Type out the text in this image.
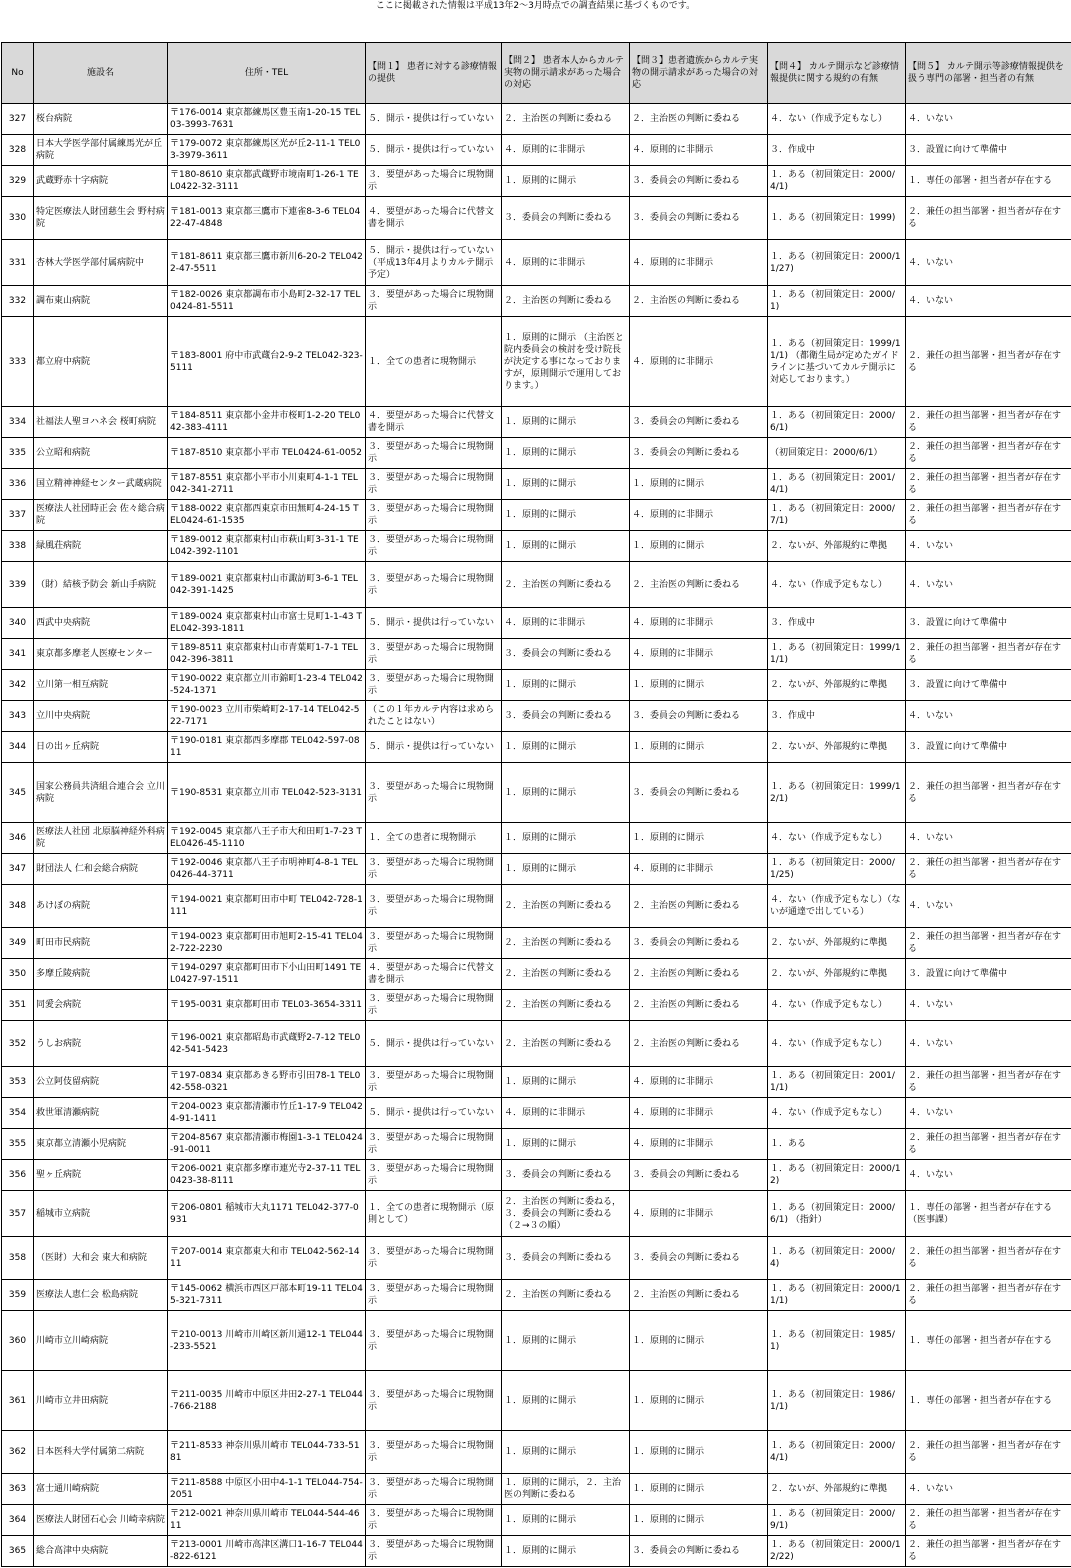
ここに掲載された情報は平成13年2～3月時点での調査結果に基づくものです。
No	施設名	住所・TEL	【問１】 患者に対する診療情報の提供	【問２】 患者本人からカルテ実物の開示請求があった場合の対応	【問３】患者遺族からカルテ実物の開示請求があった場合の対応	【問４】 カルテ開示など診療情報提供に関する規約の有無	【問５】 カルテ開示等診療情報提供を扱う専門の部署・担当者の有無
327	桜台病院	〒176-0014 東京都練馬区豊玉南1-20-15 TEL03-3993-7631	５．開示・提供は行っていない	２．主治医の判断に委ねる	２．主治医の判断に委ねる	４．ない（作成予定もなし）	４．いない
328	日本大学医学部付属練馬光が丘病院	〒179-0072 東京都練馬区光が丘2-11-1 TEL03-3979-3611	５．開示・提供は行っていない	４．原則的に非開示	４．原則的に非開示	３．作成中	３．設置に向けて準備中
329	武蔵野赤十字病院	〒180-8610 東京都武蔵野市境南町1-26-1 TEL0422-32-3111	３．要望があった場合に現物開示	１．原則的に開示	３．委員会の判断に委ねる	１．ある（初回策定日：2000/4/1)	１．専任の部署・担当者が存在する
330	特定医療法人財団慈生会 野村病院	〒181-0013 東京都三鷹市下連雀8-3-6 TEL0422-47-4848	４．要望があった場合に代替文書を開示	３．委員会の判断に委ねる	３．委員会の判断に委ねる	１．ある（初回策定日：1999)	２．兼任の担当部署・担当者が存在する
331	杏林大学医学部付属病院中	〒181-8611 東京都三鷹市新川6-20-2 TEL0422-47-5511	５．開示・提供は行っていない（平成13年4月よりカルテ開示予定）	４．原則的に非開示	４．原則的に非開示	１．ある（初回策定日：2000/11/27)	４．いない
332	調布東山病院	〒182-0026 東京都調布市小島町2-32-17 TEL0424-81-5511	３．要望があった場合に現物開示	２．主治医の判断に委ねる	２．主治医の判断に委ねる	１．ある（初回策定日：2000/1)	４．いない
333	都立府中病院	〒183-8001 府中市武蔵台2-9-2 TEL042-323-5111	１．全ての患者に現物開示	１．原則的に開示 （主治医と院内委員会の検討を受け院長が決定する事になっておりますが，原則開示で運用しております。）	４．原則的に非開示	１．ある（初回策定日：1999/11/1) （都衛生局が定めたガイドラインに基づいてカルテ開示に対応しております。）	２．兼任の担当部署・担当者が存在する
334	社福法人聖ヨハネ会 桜町病院	〒184-8511 東京都小金井市桜町1-2-20 TEL042-383-4111	４．要望があった場合に代替文書を開示	１．原則的に開示	３．委員会の判断に委ねる	１．ある（初回策定日：2000/6/1)	２．兼任の担当部署・担当者が存在する
335	公立昭和病院	〒187-8510 東京都小平市 TEL0424-61-0052	３．要望があった場合に現物開示	１．原則的に開示	３．委員会の判断に委ねる	（初回策定日：2000/6/1）	２．兼任の担当部署・担当者が存在する
336	国立精神神経センター武蔵病院	〒187-8551 東京都小平市小川東町4-1-1 TEL042-341-2711	３．要望があった場合に現物開示	１．原則的に開示	１．原則的に開示	１．ある（初回策定日：2001/4/1)	２．兼任の担当部署・担当者が存在する
337	医療法人社団時正会 佐々総合病院	〒188-0022 東京都西東京市田無町4-24-15 TEL0424-61-1535	３．要望があった場合に現物開示	１．原則的に開示	４．原則的に非開示	１．ある（初回策定日：2000/7/1)	２．兼任の担当部署・担当者が存在する
338	緑風荘病院	〒189-0012 東京都東村山市萩山町3-31-1 TEL042-392-1101	３．要望があった場合に現物開示	１．原則的に開示	１．原則的に開示	２．ないが、外部規約に準拠	４．いない
339	（財）結核予防会 新山手病院	〒189-0021 東京都東村山市諏訪町3-6-1 TEL042-391-1425	３．要望があった場合に現物開示	２．主治医の判断に委ねる	２．主治医の判断に委ねる	４．ない（作成予定もなし）	４．いない
340	西武中央病院	〒189-0024 東京都東村山市富士見町1-1-43 TEL042-393-1811	５．開示・提供は行っていない	４．原則的に非開示	４．原則的に非開示	３．作成中	３．設置に向けて準備中
341	東京都多摩老人医療センター	〒189-8511 東京都東村山市青葉町1-7-1 TEL042-396-3811	３．要望があった場合に現物開示	３．委員会の判断に委ねる	４．原則的に非開示	１．ある（初回策定日：1999/11/1)	２．兼任の担当部署・担当者が存在する
342	立川第一相互病院	〒190-0022 東京都立川市錦町1-23-4 TEL042-524-1371	３．要望があった場合に現物開示	１．原則的に開示	１．原則的に開示	２．ないが、外部規約に準拠	３．設置に向けて準備中
343	立川中央病院	〒190-0023 立川市柴崎町2-17-14 TEL042-522-7171	（この１年カルテ内容は求められたことはない）	３．委員会の判断に委ねる	３．委員会の判断に委ねる	３．作成中	４．いない
344	日の出ヶ丘病院	〒190-0181 東京都西多摩郡 TEL042-597-0811	５．開示・提供は行っていない	１．原則的に開示	１．原則的に開示	２．ないが、外部規約に準拠	３．設置に向けて準備中
345	国家公務員共済組合連合会 立川病院	〒190-8531 東京都立川市 TEL042-523-3131	３．要望があった場合に現物開示	１．原則的に開示	３．委員会の判断に委ねる	１．ある（初回策定日：1999/12/1)	２．兼任の担当部署・担当者が存在する
346	医療法人社団 北原脳神経外科病院	〒192-0045 東京都八王子市大和田町1-7-23 TEL0426-45-1110	１．全ての患者に現物開示	１．原則的に開示	１．原則的に開示	４．ない（作成予定もなし）	４．いない
347	財団法人 仁和会総合病院	〒192-0046 東京都八王子市明神町4-8-1 TEL0426-44-3711	３．要望があった場合に現物開示	１．原則的に開示	４．原則的に非開示	１．ある（初回策定日：2000/1/25)	２．兼任の担当部署・担当者が存在する
348	あけぼの病院	〒194-0021 東京都町田市中町 TEL042-728-1111	３．要望があった場合に現物開示	２．主治医の判断に委ねる	２．主治医の判断に委ねる	４．ない（作成予定もなし）（ないが通達で出している）	４．いない
349	町田市民病院	〒194-0023 東京都町田市旭町2-15-41 TEL042-722-2230	３．要望があった場合に現物開示	２．主治医の判断に委ねる	３．委員会の判断に委ねる	２．ないが、外部規約に準拠	２．兼任の担当部署・担当者が存在する
350	多摩丘陵病院	〒194-0297 東京都町田市下小山田町1491 TEL0427-97-1511	４．要望があった場合に代替文書を開示	２．主治医の判断に委ねる	２．主治医の判断に委ねる	２．ないが、外部規約に準拠	３．設置に向けて準備中
351	同愛会病院	〒195-0031 東京都町田市 TEL03-3654-3311	３．要望があった場合に現物開示	２．主治医の判断に委ねる	２．主治医の判断に委ねる	４．ない（作成予定もなし）	４．いない
352	うしお病院	〒196-0021 東京都昭島市武蔵野2-7-12 TEL042-541-5423	５．開示・提供は行っていない	２．主治医の判断に委ねる	２．主治医の判断に委ねる	４．ない（作成予定もなし）	４．いない
353	公立阿伎留病院	〒197-0834 東京都あきる野市引田78-1 TEL042-558-0321	３．要望があった場合に現物開示	１．原則的に開示	４．原則的に非開示	１．ある（初回策定日：2001/1/1)	２．兼任の担当部署・担当者が存在する
354	救世軍清瀬病院	〒204-0023 東京都清瀬市竹丘1-17-9 TEL0424-91-1411	５．開示・提供は行っていない	４．原則的に非開示	４．原則的に非開示	４．ない（作成予定もなし）	４．いない
355	東京都立清瀬小児病院	〒204-8567 東京都清瀬市梅園1-3-1 TEL0424-91-0011	３．要望があった場合に現物開示	１．原則的に開示	４．原則的に非開示	１．ある	２．兼任の担当部署・担当者が存在する
356	聖ヶ丘病院	〒206-0021 東京都多摩市連光寺2-37-11 TEL0423-38-8111	３．要望があった場合に現物開示	３．委員会の判断に委ねる	３．委員会の判断に委ねる	１．ある（初回策定日：2000/12)	４．いない
357	稲城市立病院	〒206-0801 稲城市大丸1171 TEL042-377-0931	１．全ての患者に現物開示（原則として）	２．主治医の判断に委ねる，３．委員会の判断に委ねる （２→３の順）	４．原則的に非開示	１．ある（初回策定日：2000/6/1) （指針）	１．専任の部署・担当者が存在する （医事課）
358	（医財）大和会 東大和病院	〒207-0014 東京都東大和市 TEL042-562-1411	３．要望があった場合に現物開示	３．委員会の判断に委ねる	３．委員会の判断に委ねる	１．ある（初回策定日：2000/4)	２．兼任の担当部署・担当者が存在する
359	医療法人恵仁会 松島病院	〒145-0062 横浜市西区戸部本町19-11 TEL045-321-7311	３．要望があった場合に現物開示	２．主治医の判断に委ねる	２．主治医の判断に委ねる	１．ある（初回策定日：2000/11/1)	２．兼任の担当部署・担当者が存在する
360	川崎市立川崎病院	〒210-0013 川崎市川崎区新川通12-1 TEL044-233-5521	３．要望があった場合に現物開示	１．原則的に開示	１．原則的に開示	１．ある（初回策定日：1985/1)	１．専任の部署・担当者が存在する
361	川崎市立井田病院	〒211-0035 川崎市中原区井田2-27-1 TEL044-766-2188	３．要望があった場合に現物開示	１．原則的に開示	１．原則的に開示	１．ある（初回策定日：1986/1/1)	１．専任の部署・担当者が存在する
362	日本医科大学付属第二病院	〒211-8533 神奈川県川崎市 TEL044-733-5181	３．要望があった場合に現物開示	１．原則的に開示	１．原則的に開示	１．ある（初回策定日：2000/4/1)	２．兼任の担当部署・担当者が存在する
363	富士通川崎病院	〒211-8588 中原区小田中4-1-1 TEL044-754-2051	３．要望があった場合に現物開示	１．原則的に開示，２．主治医の判断に委ねる	１．原則的に開示	２．ないが、外部規約に準拠	４．いない
364	医療法人財団石心会 川崎幸病院	〒212-0021 神奈川県川崎市 TEL044-544-4611	３．要望があった場合に現物開示	１．原則的に開示	１．原則的に開示	１．ある（初回策定日：2000/9/1)	２．兼任の担当部署・担当者が存在する
365	総合高津中央病院	〒213-0001 川崎市高津区溝口1-16-7 TEL044-822-6121	３．要望があった場合に現物開示	１．原則的に開示	３．委員会の判断に委ねる	１．ある（初回策定日：2000/12/22)	２．兼任の担当部署・担当者が存在する
